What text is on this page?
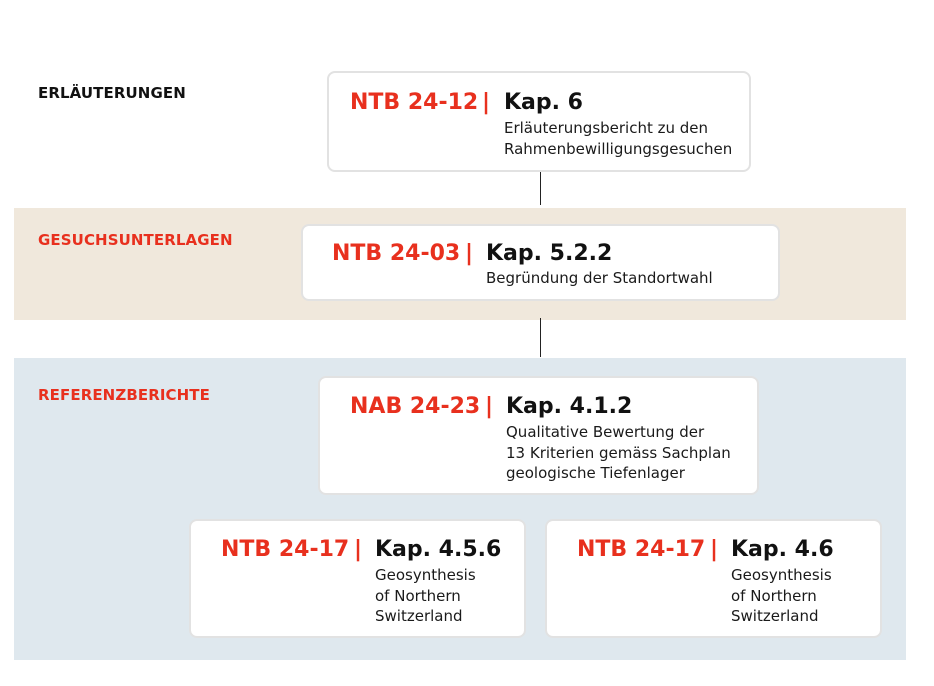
ERLÄUTERUNGEN
GESUCHSUNTERLAGEN
REFERENZBERICHTE
NTB 24-12 | Kap. 6
Erläuterungsbericht zu den
Rahmenbewilligungsgesuchen
NTB 24-03 | Kap. 5.2.2
Begründung der Standortwahl
NAB 24-23 | Kap. 4.1.2
Qualitative Bewertung der
13 Kriterien gemäss Sachplan
geologische Tiefenlager
NTB 24-17 | Kap. 4.5.6
Geosynthesis
of Northern
Switzerland
NTB 24-17 | Kap. 4.6
Geosynthesis
of Northern
Switzerland
